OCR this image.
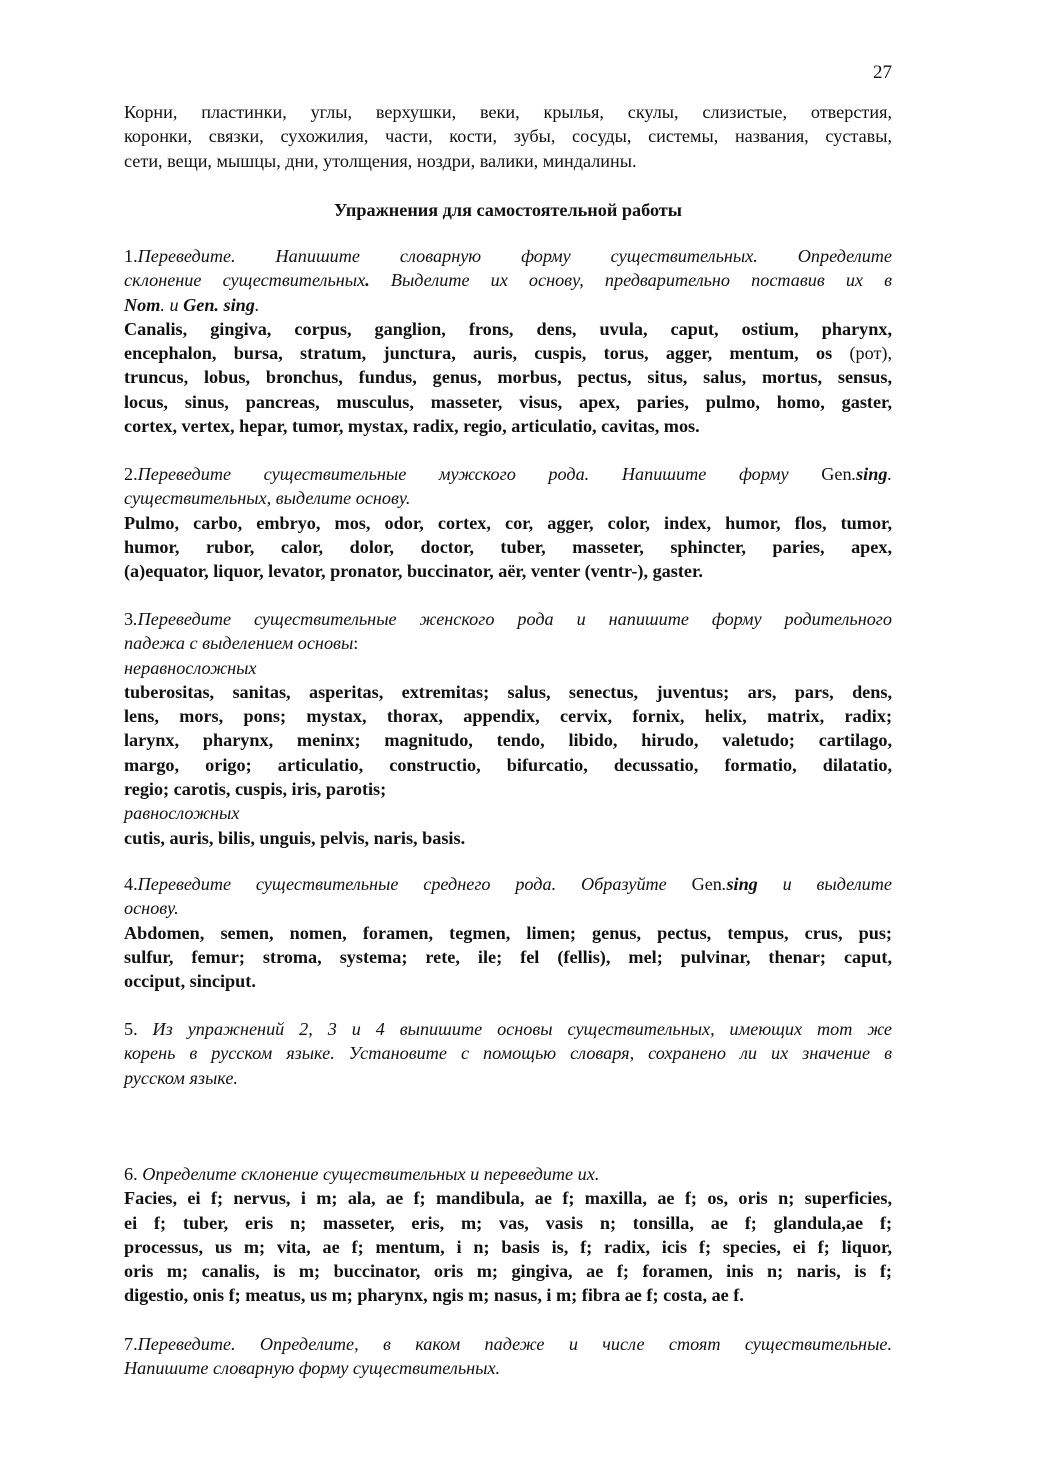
27
Корни, пластинки, углы, верхушки, веки, крылья, скулы, слизистые, отверстия,
коронки, связки, сухожилия, части, кости, зубы, сосуды, системы, названия, суставы,
сети, вещи, мышцы, дни, утолщения, ноздри, валики, миндалины.
Упражнения для самостоятельной работы
1.Переведите. Напишите словарную форму существительных. Определите
склонение существительных. Выделите их основу, предварительно поставив их в
Nom. и Gen. sing.
Canalis, gingiva, corpus, ganglion, frons, dens, uvula, caput, ostium, pharynx,
encephalon, bursa, stratum, junctura, auris, cuspis, torus, agger, mentum, os (рот),
truncus, lobus, bronchus, fundus, genus, morbus, pectus, situs, salus, mortus, sensus,
locus, sinus, pancreas, musculus, masseter, visus, apex, paries, pulmo, homo, gaster,
cortex, vertex, hepar, tumor, mystax, radix, regio, articulatio, cavitas, mos.
2.Переведите существительные мужского рода. Напишите форму Gen.sing.
существительных, выделите основу.
Pulmo, carbo, embryo, mos, odor, cortex, cor, agger, color, index, humor, flos, tumor,
humor, rubor, calor, dolor, doctor, tuber, masseter, sphincter, paries, apex,
(a)equator, liquor, levator, pronator, buccinator, aёr, venter (ventr-), gaster.
3.Переведите существительные женского рода и напишите форму родительного
падежа с выделением основы:
неравносложных
tuberositas, sanitas, asperitas, extremitas; salus, senectus, juventus; ars, pars, dens,
lens, mors, pons; mystax, thorax, appendix, cervix, fornix, helix, matrix, radix;
larynx, pharynx, meninx; magnitudo, tendo, libido, hirudo, valetudo; cartilago,
margo, origo; articulatio, constructio, bifurcatio, decussatio, formatio, dilatatio,
regio; carotis, cuspis, iris, parotis;
равносложных
cutis, auris, bilis, unguis, pelvis, naris, basis.
4.Переведите существительные среднего рода. Образуйте Gen.sing и выделите
основу.
Abdomen, semen, nomen, foramen, tegmen, limen; genus, pectus, tempus, crus, pus;
sulfur, femur; stroma, systema; rete, ile; fel (fellis), mel; pulvinar, thenar; caput,
occiput, sinciput.
5. Из упражнений 2, 3 и 4 выпишите основы существительных, имеющих тот же
корень в русском языке. Установите с помощью словаря, сохранено ли их значение в
русском языке.
6. Определите склонение существительных и переведите их.
Facies, ei f; nervus, i m; ala, ae f; mandibula, ae f; maxilla, ae f; os, oris n; superficies,
ei f; tuber, eris n; masseter, eris, m; vas, vasis n; tonsilla, ae f; glandula,ae f;
processus, us m; vita, ae f; mentum, i n; basis is, f; radix, icis f; species, ei f; liquor,
oris m; canalis, is m; buccinator, oris m; gingiva, ae f; foramen, inis n; naris, is f;
digestio, onis f; meatus, us m; pharynx, ngis m; nasus, i m; fibra ae f; costa, ae f.
7.Переведите. Определите, в каком падеже и числе стоят существительные.
Напишите словарную форму существительных.
